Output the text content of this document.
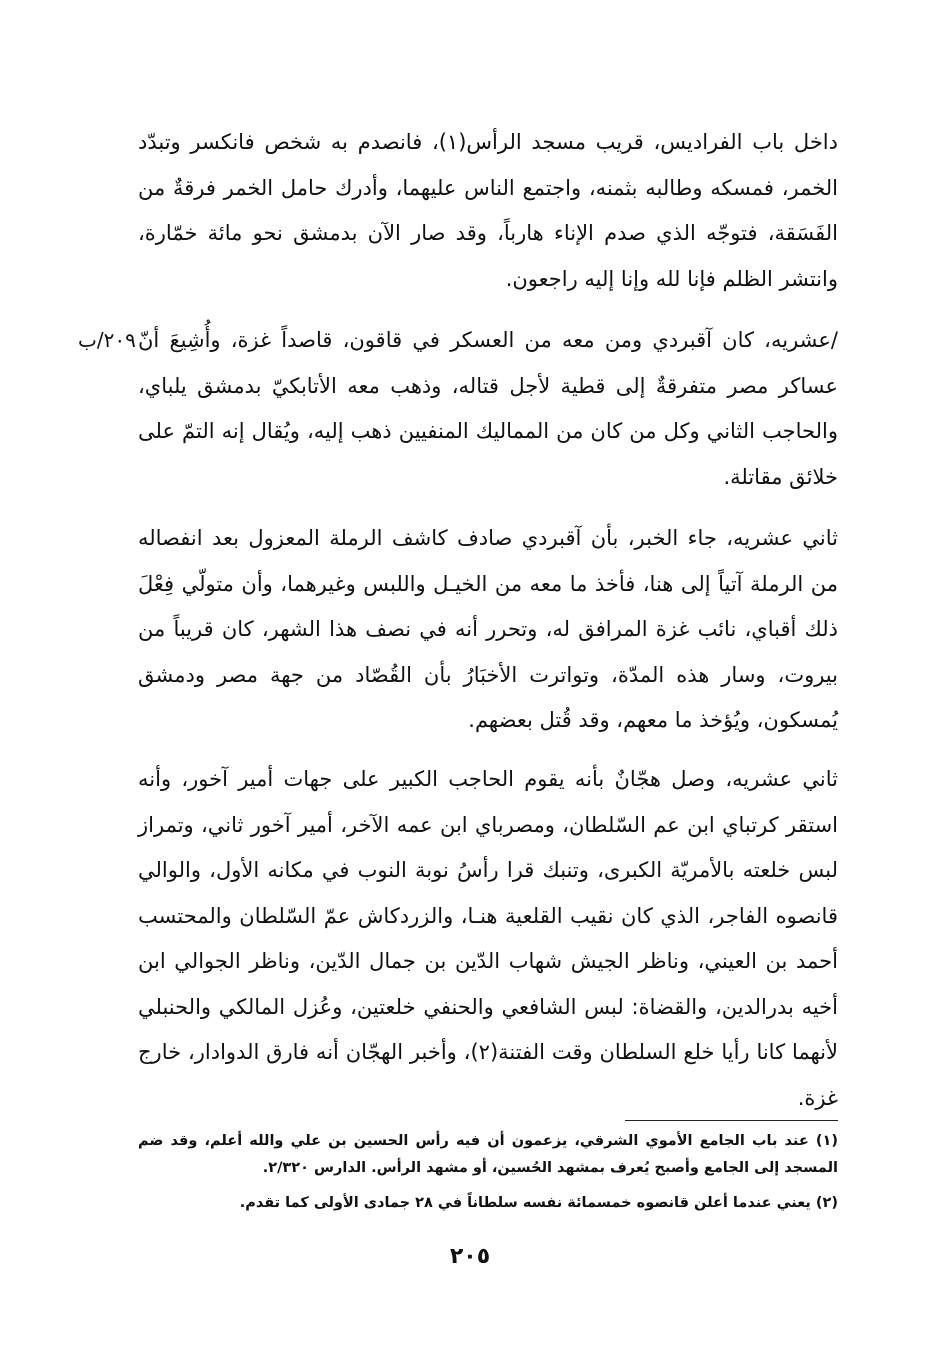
داخل باب الفراديس، قريب مسجد الرأس(١)، فانصدم به شخص فانكسر وتبدّد الخمر، فمسكه وطالبه بثمنه، واجتمع الناس عليهما، وأدرك حامل الخمر فرقةٌ من الفَسَقة، فتوجّه الذي صدم الإناء هارباً، وقد صار الآن بدمشق نحو مائة خمّارة، وانتشر الظلم فإنا لله وإنا إليه راجعون.

/عشريه، كان آقبردي ومن معه من العسكر في قاقون، قاصداً غزة، وأُشِيعَ أنّ عساكر مصر متفرقةٌ إلى قطية لأجل قتاله، وذهب معه الأتابكيّ بدمشق يلباي، والحاجب الثاني وكل من كان من المماليك المنفيين ذهب إليه، ويُقال إنه التمّ على خلائق مقاتلة.

٢٠٩/ب

ثاني عشريه، جاء الخبر، بأن آقبردي صادف كاشف الرملة المعزول بعد انفصاله من الرملة آتياً إلى هنا، فأخذ ما معه من الخيـل واللبس وغيرهما، وأن متولّي فِعْلَ ذلك أقباي، نائب غزة المرافق له، وتحرر أنه في نصف هذا الشهر، كان قريباً من بيروت، وسار هذه المدّة، وتواترت الأخبَارُ بأن القُصّاد من جهة مصر ودمشق يُمسكون، ويُؤخذ ما معهم، وقد قُتل بعضهم.

ثاني عشريه، وصل هجّانٌ بأنه يقوم الحاجب الكبير على جهات أمير آخور، وأنه استقر كرتباي ابن عم السّلطان، ومصرباي ابن عمه الآخر، أمير آخور ثاني، وتمراز لبس خلعته بالأمريّة الكبرى، وتنبك قرا رأسُ نوبة النوب في مكانه الأول، والوالي قانصوه الفاجر، الذي كان نقيب القلعية هنـا، والزردكاش عمّ السّلطان والمحتسب أحمد بن العيني، وناظر الجيش شهاب الدّين بن جمال الدّين، وناظر الجوالي ابن أخيه بدرالدين، والقضاة: لبس الشافعي والحنفي خلعتين، وعُزل المالكي والحنبلي لأنهما كانا رأيا خلع السلطان وقت الفتنة(٢)، وأخبر الهجّان أنه فارق الدوادار، خارج غزة.

(١) عند باب الجامع الأموي الشرقي، يزعمون أن فيه رأس الحسين بن علي والله أعلم، وقد ضم المسجد إلى الجامع وأصبح يُعرف بمشهد الحُسين، أو مشهد الرأس. الدارس ٢/٣٢٠.

(٢) يعني عندما أعلن قانصوه خمسمائة نفسه سلطاناً في ٢٨ جمادى الأولى كما تقدم.

٢٠٥
